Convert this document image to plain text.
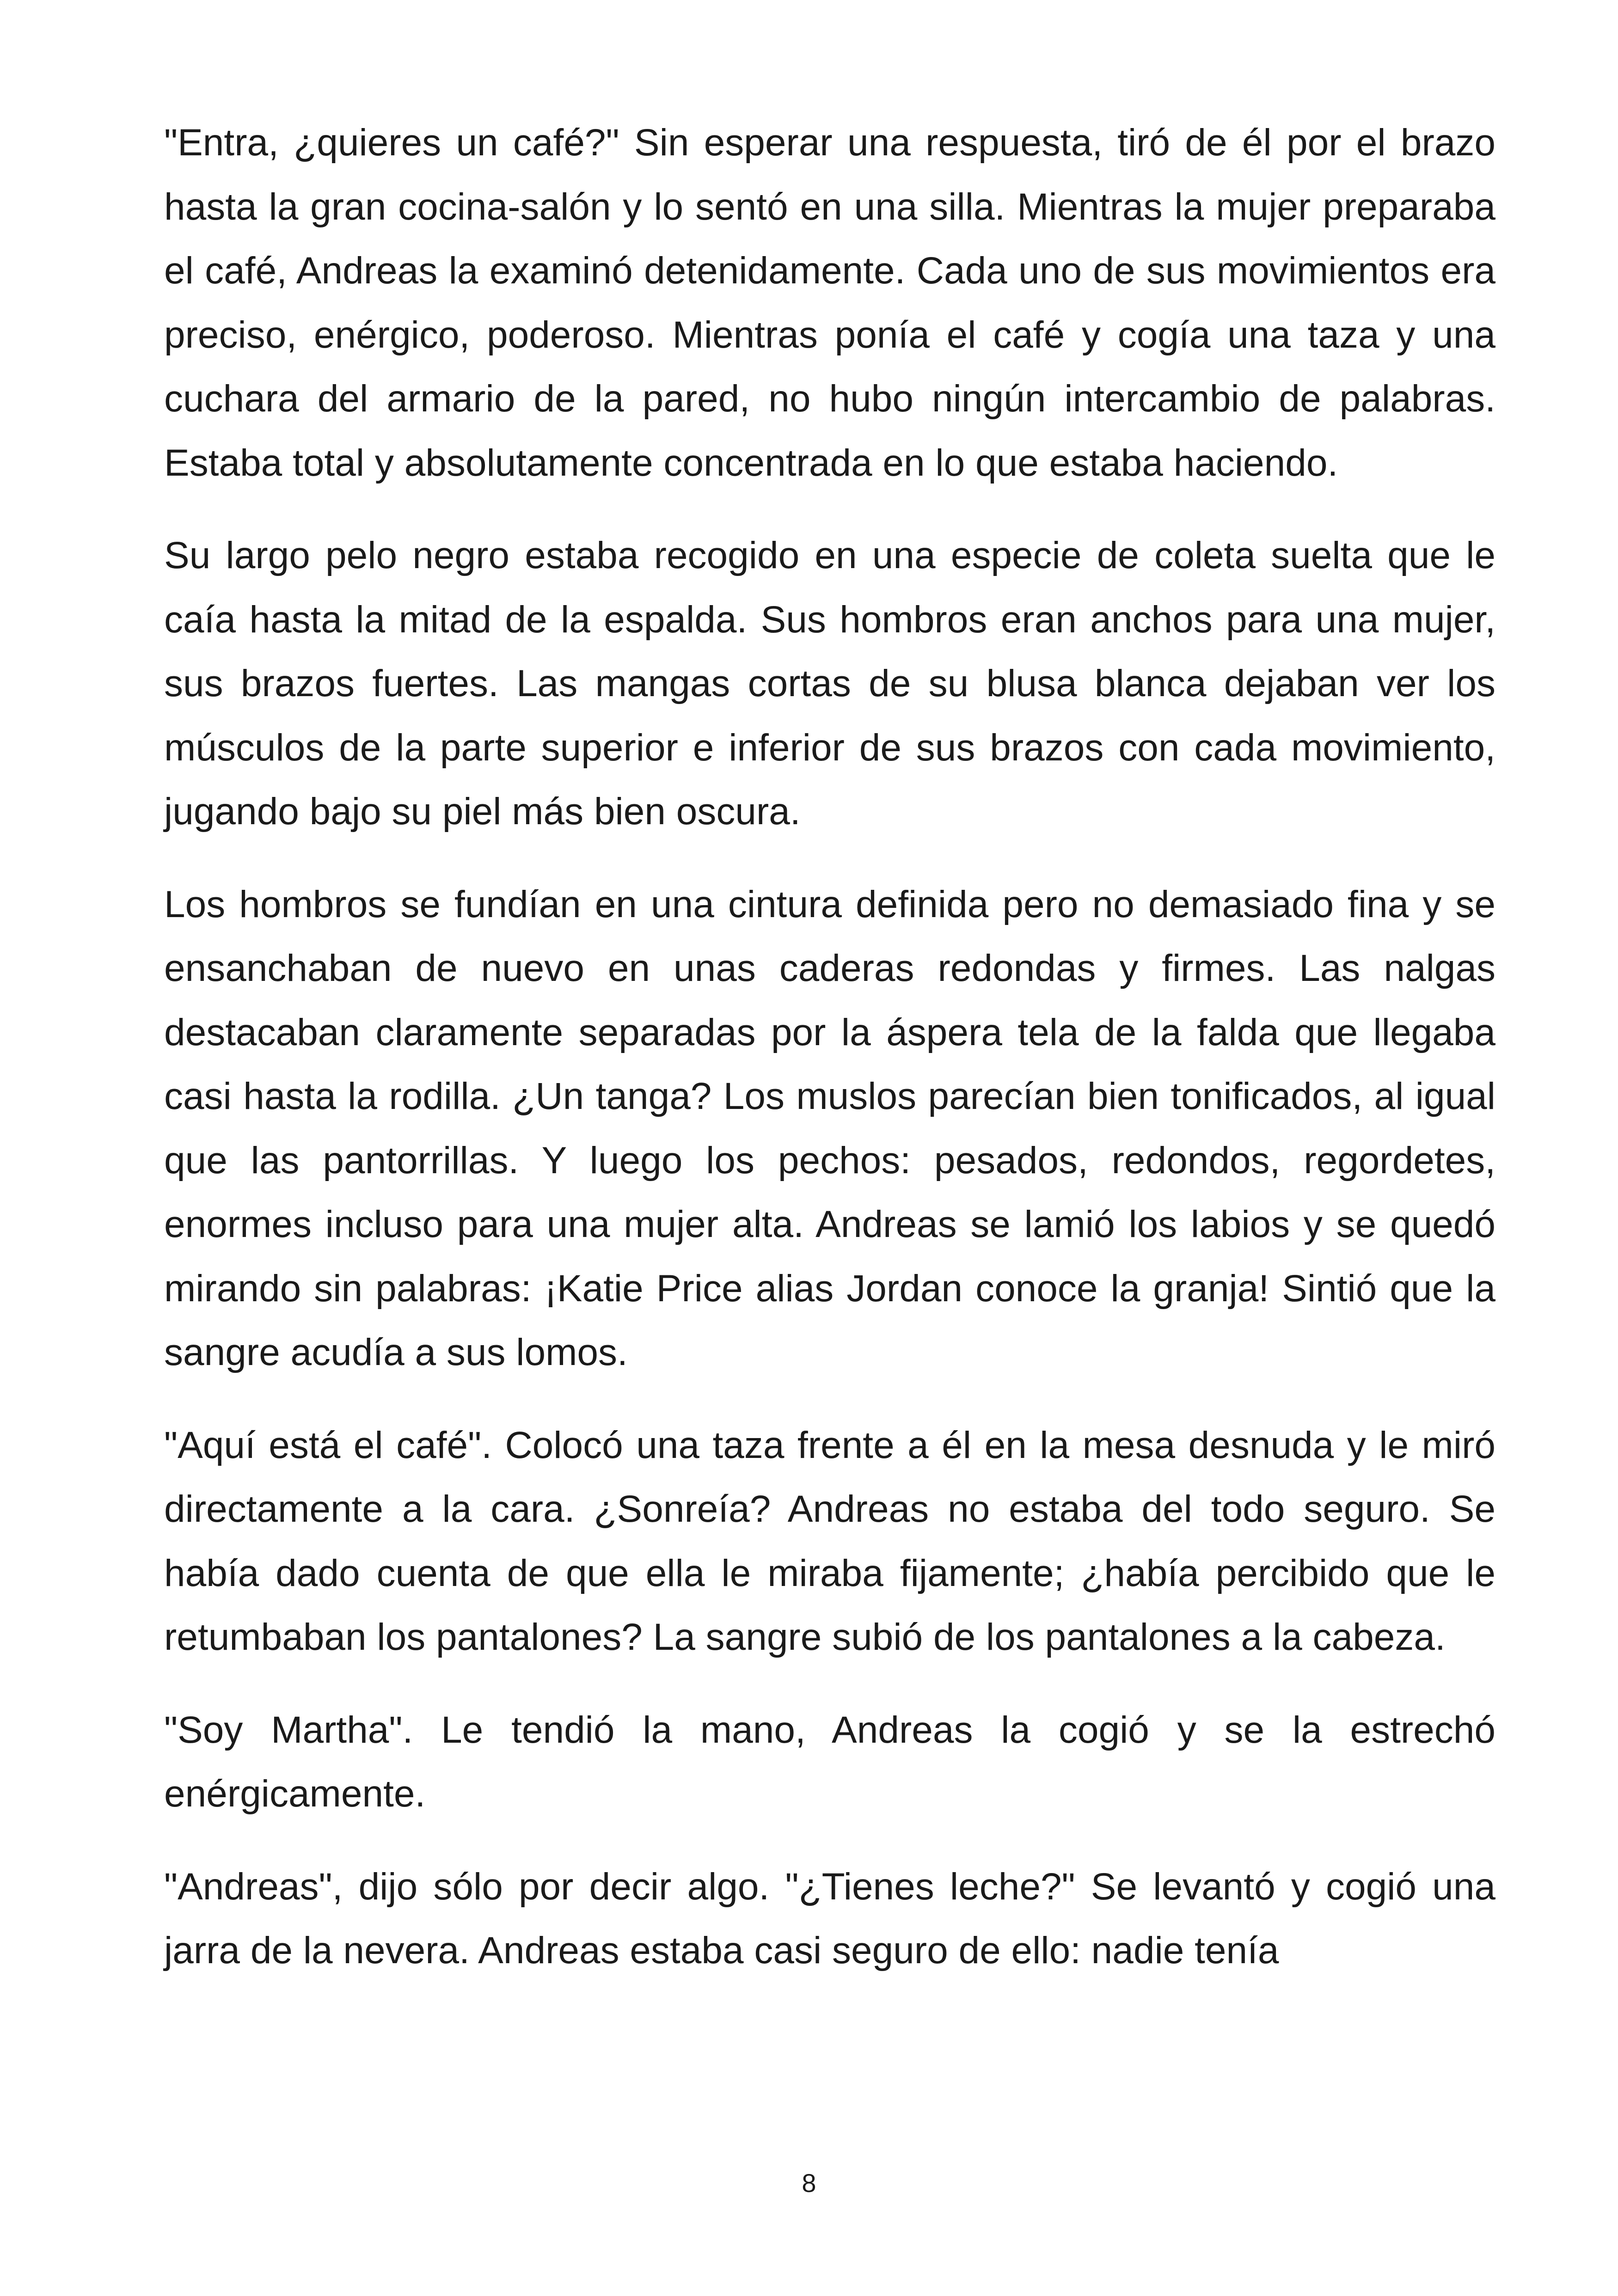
"Entra, ¿quieres un café?" Sin esperar una respuesta, tiró de él por el brazo hasta la gran cocina-salón y lo sentó en una silla. Mientras la mujer preparaba el café, Andreas la examinó detenidamente. Cada uno de sus movimientos era preciso, enérgico, poderoso. Mientras ponía el café y cogía una taza y una cuchara del armario de la pared, no hubo ningún intercambio de palabras. Estaba total y absolutamente concentrada en lo que estaba haciendo.

Su largo pelo negro estaba recogido en una especie de coleta suelta que le caía hasta la mitad de la espalda. Sus hombros eran anchos para una mujer, sus brazos fuertes. Las mangas cortas de su blusa blanca dejaban ver los músculos de la parte superior e inferior de sus brazos con cada movimiento, jugando bajo su piel más bien oscura.

Los hombros se fundían en una cintura definida pero no demasiado fina y se ensanchaban de nuevo en unas caderas redondas y firmes. Las nalgas destacaban claramente separadas por la áspera tela de la falda que llegaba casi hasta la rodilla. ¿Un tanga? Los muslos parecían bien tonificados, al igual que las pantorrillas. Y luego los pechos: pesados, redondos, regordetes, enormes incluso para una mujer alta. Andreas se lamió los labios y se quedó mirando sin palabras: ¡Katie Price alias Jordan conoce la granja! Sintió que la sangre acudía a sus lomos.

"Aquí está el café". Colocó una taza frente a él en la mesa desnuda y le miró directamente a la cara. ¿Sonreía? Andreas no estaba del todo seguro. Se había dado cuenta de que ella le miraba fijamente; ¿había percibido que le retumbaban los pantalones? La sangre subió de los pantalones a la cabeza.

"Soy Martha". Le tendió la mano, Andreas la cogió y se la estrechó enérgicamente.

"Andreas", dijo sólo por decir algo. "¿Tienes leche?" Se levantó y cogió una jarra de la nevera. Andreas estaba casi seguro de ello: nadie tenía

8
